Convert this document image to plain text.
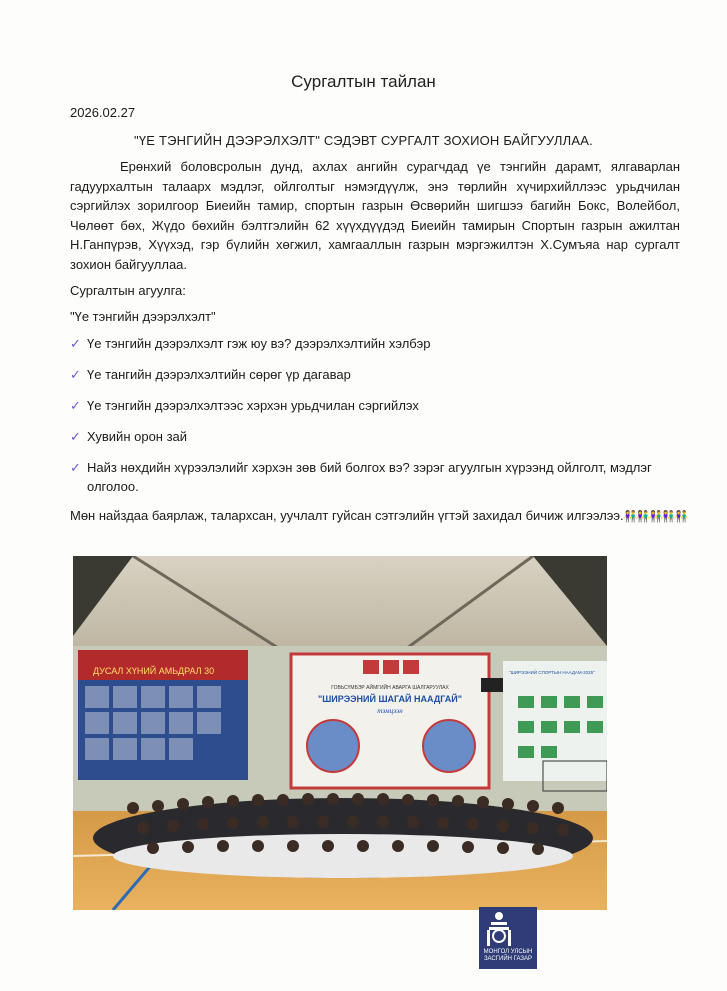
Сургалтын тайлан
2026.02.27
"ҮЕ ТЭНГИЙН ДЭЭРЭЛХЭЛТ" СЭДЭВТ СУРГАЛТ ЗОХИОН БАЙГУУЛЛАА.
Ерөнхий боловсролын дунд, ахлах ангийн сурагчдад үе тэнгийн дарамт, ялгаварлан гадуурхалтын талаарх мэдлэг, ойлголтыг нэмэгдүүлж, энэ төрлийн хүчирхийллээс урьдчилан сэргийлэх зорилгоор Биеийн тамир, спортын газрын Өсвөрийн шигшээ багийн Бокс, Волейбол, Чөлөөт бөх, Жүдо бөхийн бэлтгэлийн 62 хүүхдүүдэд Биеийн тамирын Спортын газрын ажилтан Н.Ганпүрэв, Хүүхэд, гэр бүлийн хөгжил, хамгааллын газрын мэргэжилтэн Х.Сумъяа нар сургалт зохион байгууллаа.
Сургалтын агуулга:
"Үе тэнгийн дээрэлхэлт"
✓ Үе тэнгийн дээрэлхэлт гэж юу вэ? дээрэлхэлтийн хэлбэр
✓ Үе тангийн дээрэлхэлтийн сөрөг үр дагавар
✓ Үе тэнгийн дээрэлхэлтээс хэрхэн урьдчилан сэргийлэх
✓ Хувийн орон зай
✓ Найз нөхдийн хүрээлэлийг хэрхэн зөв бий болгох вэ? зэрэг агуулгын хүрээнд ойлголт, мэдлэг олголоо.
Мөн найздаа баярлаж, талархсан, уучлалт гуйсан сэтгэлийн үгтэй захидал бичиж илгээлээ.👫👫👫👫👫
ДУСАЛ ХҮНИЙ АМЬДРАЛ 30
ГОВЬСҮМБЭР АЙМГИЙН АВАРГА ШАЛГАРУУЛАХ
"ШИРЭЭНИЙ ШАГАЙ НААДГАЙ"
тэмцээн
"ШИРЭЭНИЙ СПОРТЫН НААДАМ-2025"
МОНГОЛ УЛСЫН ЗАСГИЙН ГАЗАР
